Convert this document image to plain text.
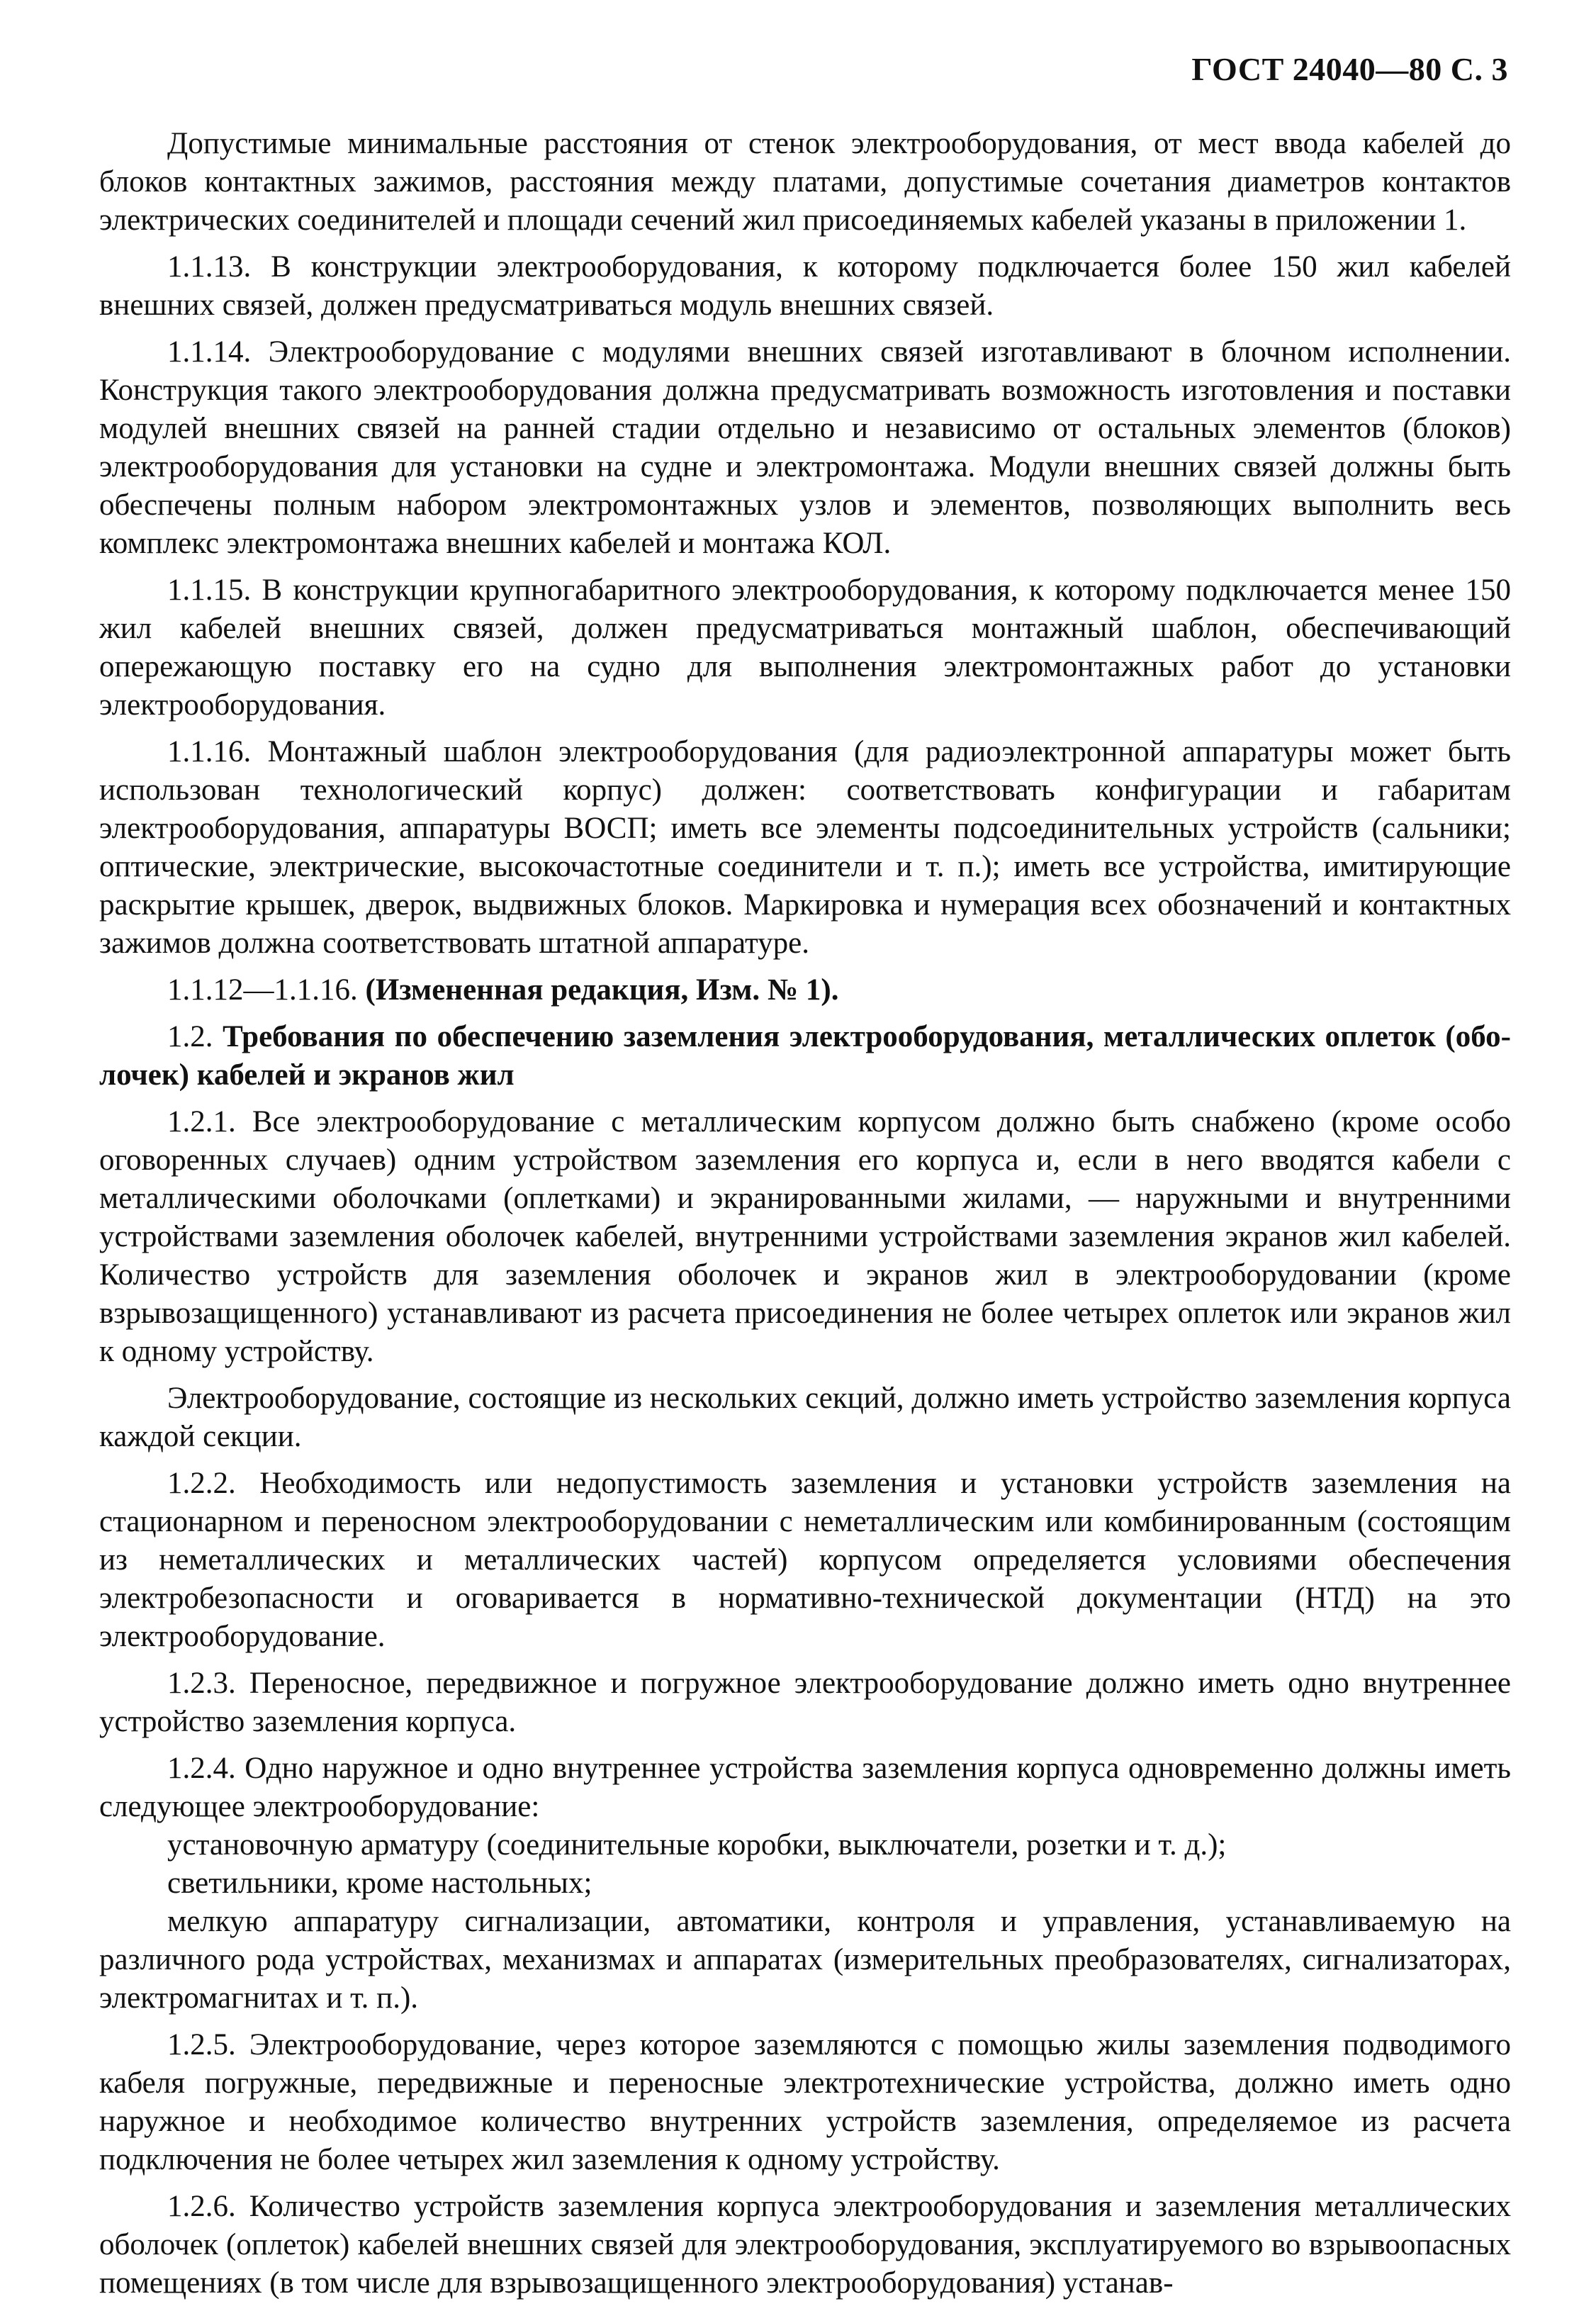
ГОСТ 24040—80 С. 3

Допустимые минимальные расстояния от стенок электрооборудования, от мест ввода кабелей до блоков контактных зажимов, расстояния между платами, допустимые сочетания диаметров контактов электрических соединителей и площади сечений жил присоединяемых кабелей указаны в приложении 1.

1.1.13. В конструкции электрооборудования, к которому подключается более 150 жил кабелей внешних связей, должен предусматриваться модуль внешних связей.

1.1.14. Электрооборудование с модулями внешних связей изготавливают в блочном исполнении. Конструкция такого электрооборудования должна предусматривать возможность изготовления и поставки модулей внешних связей на ранней стадии отдельно и независимо от остальных элементов (блоков) электрооборудования для установки на судне и электромонтажа. Модули внешних связей должны быть обеспечены полным набором электромонтажных узлов и элементов, позволяющих выполнить весь комплекс электромонтажа внешних кабелей и монтажа КОЛ.

1.1.15. В конструкции крупногабаритного электрооборудования, к которому подключается менее 150 жил кабелей внешних связей, должен предусматриваться монтажный шаблон, обеспечивающий опережающую поставку его на судно для выполнения электромонтажных работ до установки электрооборудования.

1.1.16. Монтажный шаблон электрооборудования (для радиоэлектронной аппаратуры может быть использован технологический корпус) должен: соответствовать конфигурации и габаритам электрооборудования, аппаратуры ВОСП; иметь все элементы подсоединительных устройств (сальники; оптические, электрические, высокочастотные соединители и т. п.); иметь все устройства, имитирующие раскрытие крышек, дверок, выдвижных блоков. Маркировка и нумерация всех обозначений и контактных зажимов должна соответствовать штатной аппаратуре.

1.1.12—1.1.16. (Измененная редакция, Изм. № 1).

1.2. Требования по обеспечению заземления электрооборудования, металлических оплеток (оболочек) кабелей и экранов жил

1.2.1. Все электрооборудование с металлическим корпусом должно быть снабжено (кроме особо оговоренных случаев) одним устройством заземления его корпуса и, если в него вводятся кабели с металлическими оболочками (оплетками) и экранированными жилами, — наружными и внутренними устройствами заземления оболочек кабелей, внутренними устройствами заземления экранов жил кабелей. Количество устройств для заземления оболочек и экранов жил в электрооборудовании (кроме взрывозащищенного) устанавливают из расчета присоединения не более четырех оплеток или экранов жил к одному устройству.

Электрооборудование, состоящие из нескольких секций, должно иметь устройство заземления корпуса каждой секции.

1.2.2. Необходимость или недопустимость заземления и установки устройств заземления на стационарном и переносном электрооборудовании с неметаллическим или комбинированным (состоящим из неметаллических и металлических частей) корпусом определяется условиями обеспечения электробезопасности и оговаривается в нормативно-технической документации (НТД) на это электрооборудование.

1.2.3. Переносное, передвижное и погружное электрооборудование должно иметь одно внутреннее устройство заземления корпуса.

1.2.4. Одно наружное и одно внутреннее устройства заземления корпуса одновременно должны иметь следующее электрооборудование:

установочную арматуру (соединительные коробки, выключатели, розетки и т. д.);

светильники, кроме настольных;

мелкую аппаратуру сигнализации, автоматики, контроля и управления, устанавливаемую на различного рода устройствах, механизмах и аппаратах (измерительных преобразователях, сигнализаторах, электромагнитах и т. п.).

1.2.5. Электрооборудование, через которое заземляются с помощью жилы заземления подводимого кабеля погружные, передвижные и переносные электротехнические устройства, должно иметь одно наружное и необходимое количество внутренних устройств заземления, определяемое из расчета подключения не более четырех жил заземления к одному устройству.

1.2.6. Количество устройств заземления корпуса электрооборудования и заземления металлических оболочек (оплеток) кабелей внешних связей для электрооборудования, эксплуатируемого во взрывоопасных помещениях (в том числе для взрывозащищенного электрооборудования) устанав-
